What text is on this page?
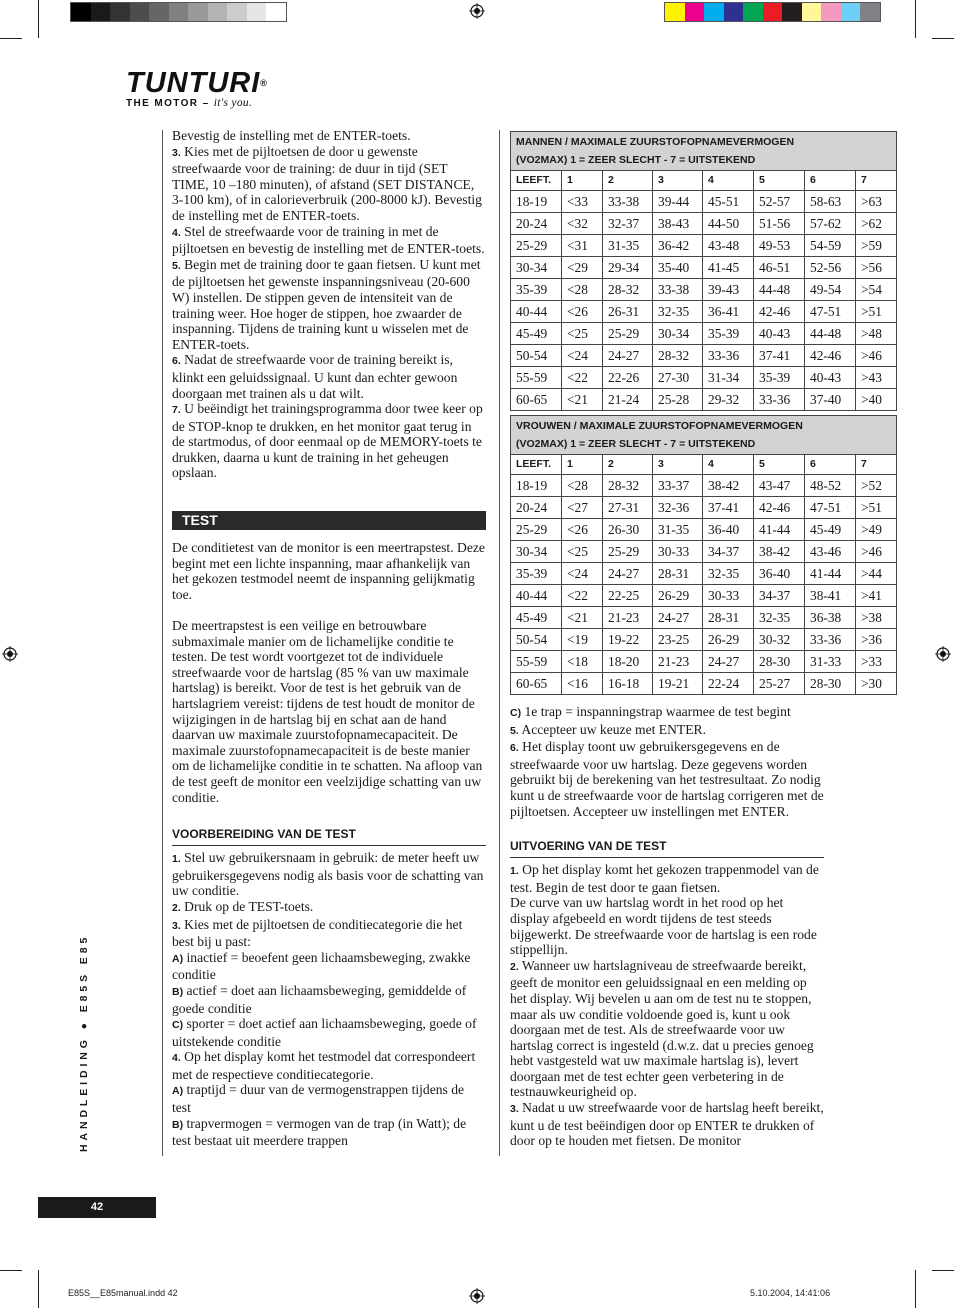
TUNTURI®
THE MOTOR – it's you.

Bevestig de instelling met de ENTER-toets.

3. Kies met de pijltoetsen de door u gewenste streefwaarde voor de training: de duur in tijd (SET TIME, 10 –180 minuten), of afstand (SET DISTANCE, 3-100 km), of in calorieverbruik (200-8000 kJ). Bevestig de instelling met de ENTER-toets.

4. Stel de streefwaarde voor de training in met de pijltoetsen en bevestig de instelling met de ENTER-toets.

5. Begin met de training door te gaan fietsen. U kunt met de pijltoetsen het gewenste inspanningsniveau (20-600 W) instellen. De stippen geven de intensiteit van de training weer. Hoe hoger de stippen, hoe zwaarder de inspanning. Tijdens de training kunt u wisselen met de ENTER-toets.

6. Nadat de streefwaarde voor de training bereikt is, klinkt een geluidssignaal. U kunt dan echter gewoon doorgaan met trainen als u dat wilt.

7. U beëindigt het trainingsprogramma door twee keer op de STOP-knop te drukken, en het monitor gaat terug in de startmodus, of door eenmaal op de MEMORY-toets te drukken, daarna u kunt de training in het geheugen opslaan.

TEST

De conditietest van de monitor is een meertrapstest. Deze begint met een lichte inspanning, maar afhankelijk van het gekozen testmodel neemt de inspanning gelijkmatig toe.

De meertrapstest is een veilige en betrouwbare submaximale manier om de lichamelijke conditie te testen. De test wordt voortgezet tot de individuele streefwaarde voor de hartslag (85 % van uw maximale hartslag) is bereikt. Voor de test is het gebruik van de hartslagriem vereist: tijdens de test houdt de monitor de wijzigingen in de hartslag bij en schat aan de hand daarvan uw maximale zuurstofopnamecapaciteit. De maximale zuurstofopnamecapaciteit is de beste manier om de lichamelijke conditie in te schatten. Na afloop van de test geeft de monitor een veelzijdige schatting van uw conditie.

VOORBEREIDING VAN DE TEST

1. Stel uw gebruikersnaam in gebruik: de meter heeft uw gebruikersgegevens nodig als basis voor de schatting van uw conditie.

2. Druk op de TEST-toets.

3. Kies met de pijltoetsen de conditiecategorie die het best bij u past:

A) inactief = beoefent geen lichaamsbeweging, zwakke conditie

B) actief = doet aan lichaamsbeweging, gemiddelde of goede conditie

C) sporter = doet actief aan lichaamsbeweging, goede of uitstekende conditie

4. Op het display komt het testmodel dat correspondeert met de respectieve conditiecategorie.

A) traptijd = duur van de vermogenstrappen tijdens de test

B) trapvermogen = vermogen van de trap (in Watt); de test bestaat uit meerdere trappen

MANNEN / MAXIMALE ZUURSTOFOPNAMEVERMOGEN (VO2MAX) 1 = ZEER SLECHT - 7 = UITSTEKEND							
LEEFT.	1	2	3	4	5	6	7
18-19	<33	33-38	39-44	45-51	52-57	58-63	>63
20-24	<32	32-37	38-43	44-50	51-56	57-62	>62
25-29	<31	31-35	36-42	43-48	49-53	54-59	>59
30-34	<29	29-34	35-40	41-45	46-51	52-56	>56
35-39	<28	28-32	33-38	39-43	44-48	49-54	>54
40-44	<26	26-31	32-35	36-41	42-46	47-51	>51
45-49	<25	25-29	30-34	35-39	40-43	44-48	>48
50-54	<24	24-27	28-32	33-36	37-41	42-46	>46
55-59	<22	22-26	27-30	31-34	35-39	40-43	>43
60-65	<21	21-24	25-28	29-32	33-36	37-40	>40
VROUWEN / MAXIMALE ZUURSTOFOPNAMEVERMOGEN (VO2MAX) 1 = ZEER SLECHT - 7 = UITSTEKEND							
LEEFT.	1	2	3	4	5	6	7
18-19	<28	28-32	33-37	38-42	43-47	48-52	>52
20-24	<27	27-31	32-36	37-41	42-46	47-51	>51
25-29	<26	26-30	31-35	36-40	41-44	45-49	>49
30-34	<25	25-29	30-33	34-37	38-42	43-46	>46
35-39	<24	24-27	28-31	32-35	36-40	41-44	>44
40-44	<22	22-25	26-29	30-33	34-37	38-41	>41
45-49	<21	21-23	24-27	28-31	32-35	36-38	>38
50-54	<19	19-22	23-25	26-29	30-32	33-36	>36
55-59	<18	18-20	21-23	24-27	28-30	31-33	>33
60-65	<16	16-18	19-21	22-24	25-27	28-30	>30

C) 1e trap = inspanningstrap waarmee de test begint

5. Accepteer uw keuze met ENTER.

6. Het display toont uw gebruikersgegevens en de streefwaarde voor uw hartslag. Deze gegevens worden gebruikt bij de berekening van het testresultaat. Zo nodig kunt u de streefwaarde voor de hartslag corrigeren met de pijltoetsen. Accepteer uw instellingen met ENTER.

UITVOERING VAN DE TEST

1. Op het display komt het gekozen trappenmodel van de test. Begin de test door te gaan fietsen.

De curve van uw hartslag wordt in het rood op het display afgebeeld en wordt tijdens de test steeds bijgewerkt. De streefwaarde voor de hartslag is een rode stippellijn.

2. Wanneer uw hartslagniveau de streefwaarde bereikt, geeft de monitor een geluidssignaal en een melding op het display. Wij bevelen u aan om de test nu te stoppen, maar als uw conditie voldoende goed is, kunt u ook doorgaan met de test. Als de streefwaarde voor uw hartslag correct is ingesteld (d.w.z. dat u precies genoeg hebt vastgesteld wat uw maximale hartslag is), levert doorgaan met de test echter geen verbetering in de testnauwkeurigheid op.

3. Nadat u uw streefwaarde voor de hartslag heeft bereikt, kunt u de test beëindigen door op ENTER te drukken of door op te houden met fietsen. De monitor

HANDLEIDING ● E85S E85
42
E85S__E85manual.indd 42	5.10.2004, 14:41:06
